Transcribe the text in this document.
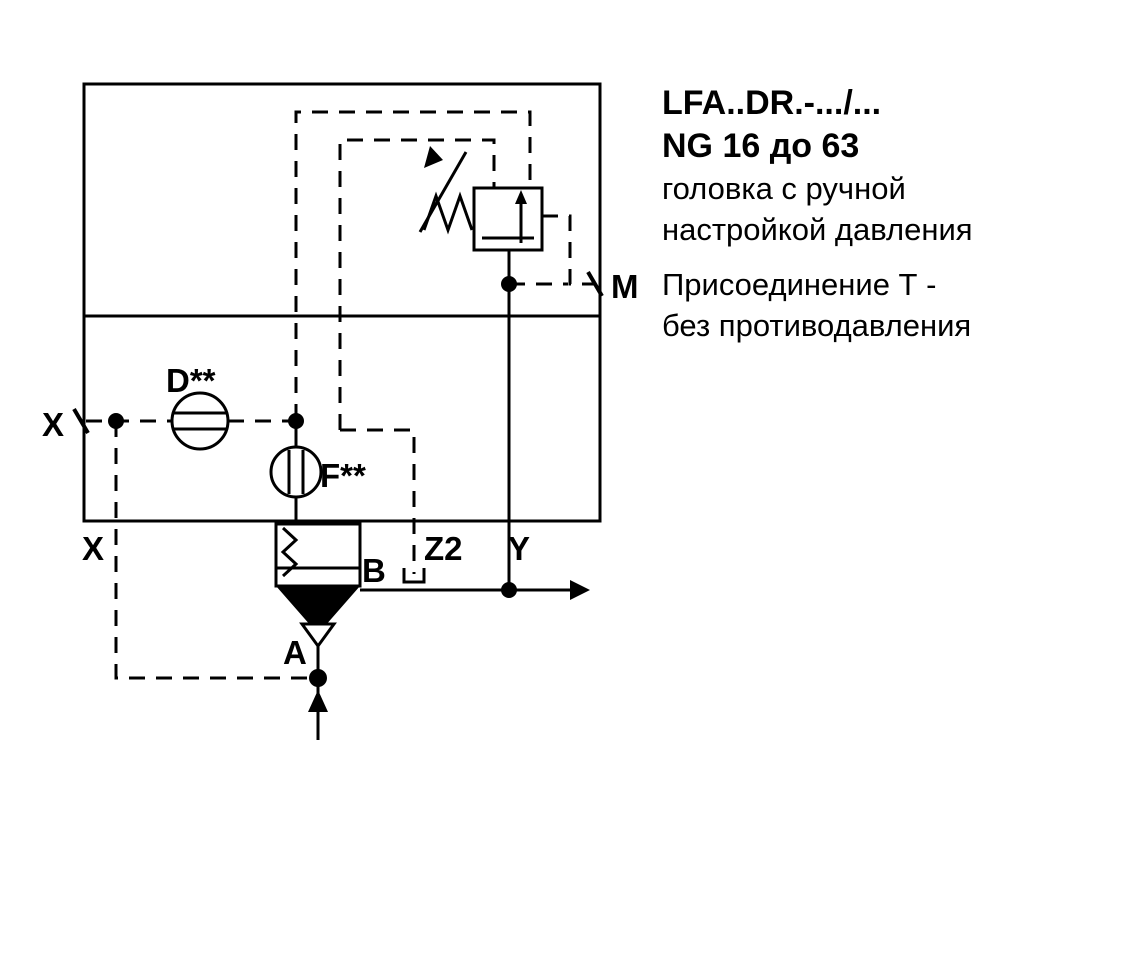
M
X
D**
F**
Z2
X
B
Y
A
LFA..DR.-.../...
NG 16 до 63
головка с ручной
настройкой давления
Присоединение Т -
без противодавления
